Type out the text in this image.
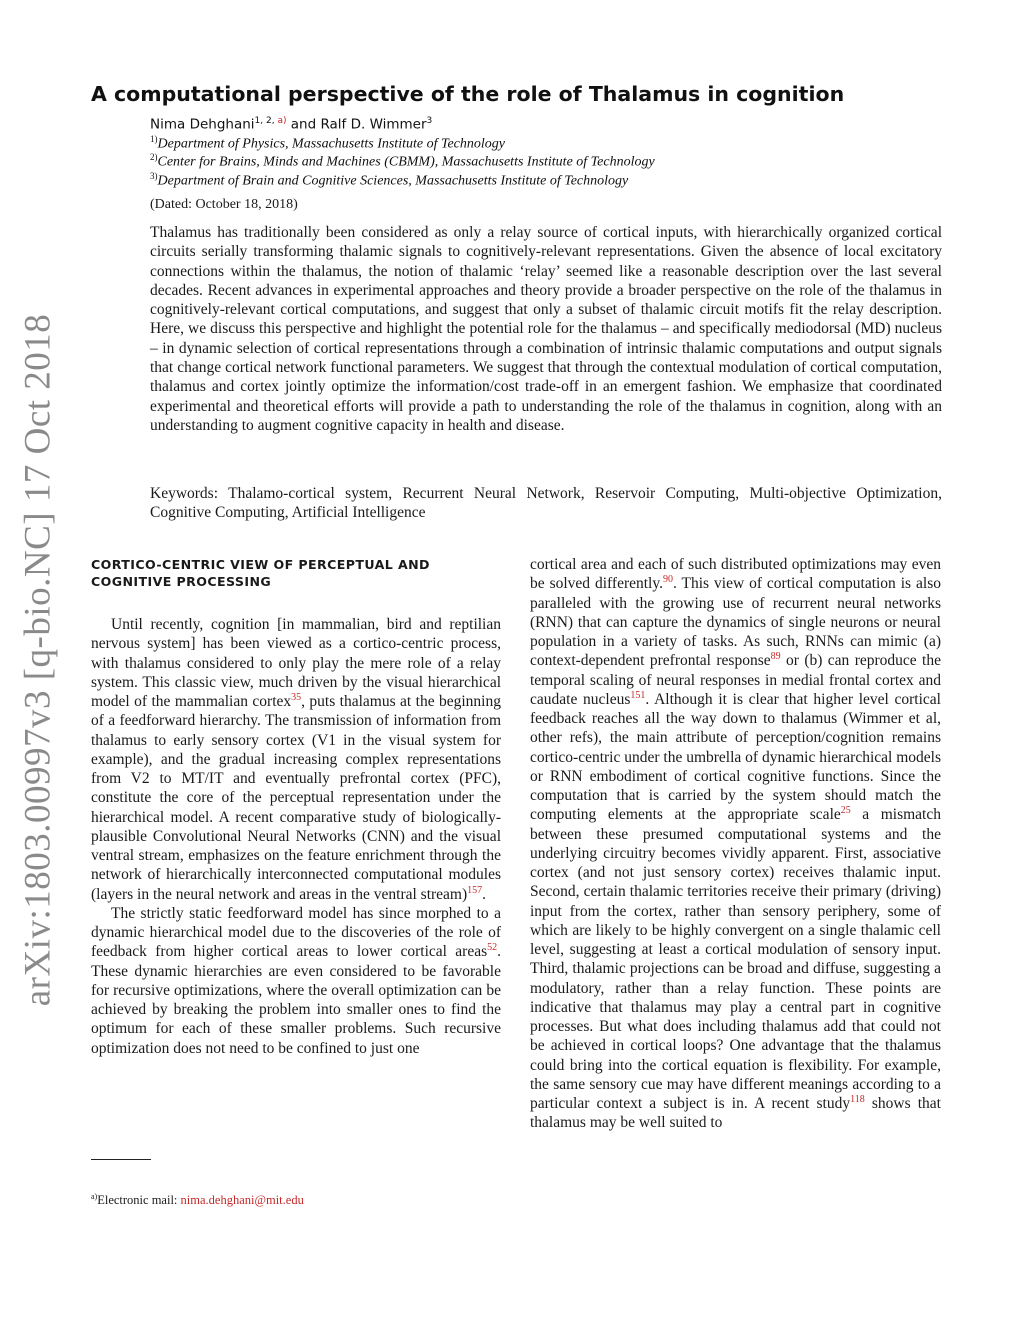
arXiv:1803.00997v3 [q-bio.NC] 17 Oct 2018
A computational perspective of the role of Thalamus in cognition
Nima Dehghani$^{1, 2, a)}$ and Ralf D. Wimmer$^3$
$^{1)}$Department of Physics, Massachusetts Institute of Technology
$^{2)}$Center for Brains, Minds and Machines (CBMM), Massachusetts Institute of Technology
$^{3)}$Department of Brain and Cognitive Sciences, Massachusetts Institute of Technology
(Dated: October 18, 2018)
Thalamus has traditionally been considered as only a relay source of cortical inputs, with hierarchically organized cortical circuits serially transforming thalamic signals to cognitively-relevant representations. Given the absence of local excitatory connections within the thalamus, the notion of thalamic ‘relay’ seemed like a reasonable description over the last several decades. Recent advances in experimental approaches and theory provide a broader perspective on the role of the thalamus in cognitively-relevant cortical computations, and suggest that only a subset of thalamic circuit motifs fit the relay description. Here, we discuss this perspective and highlight the potential role for the thalamus – and specifically mediodorsal (MD) nucleus – in dynamic selection of cortical representations through a combination of intrinsic thalamic computations and output signals that change cortical network functional parameters. We suggest that through the contextual modulation of cortical computation, thalamus and cortex jointly optimize the information/cost trade-off in an emergent fashion. We emphasize that coordinated experimental and theoretical efforts will provide a path to understanding the role of the thalamus in cognition, along with an understanding to augment cognitive capacity in health and disease.
Keywords: Thalamo-cortical system, Recurrent Neural Network, Reservoir Computing, Multi-objective Optimization, Cognitive Computing, Artificial Intelligence
CORTICO-CENTRIC VIEW OF PERCEPTUAL AND
COGNITIVE PROCESSING

Until recently, cognition [in mammalian, bird and reptilian nervous system] has been viewed as a cortico-centric process, with thalamus considered to only play the mere role of a relay system. This classic view, much driven by the visual hierarchical model of the mammalian cortex$^{35}$, puts thalamus at the beginning of a feedforward hierarchy. The transmission of information from thalamus to early sensory cortex (V1 in the visual system for example), and the gradual increasing complex representations from V2 to MT/IT and eventually prefrontal cortex (PFC), constitute the core of the perceptual representation under the hierarchical model. A recent comparative study of biologically-plausible Convolutional Neural Networks (CNN) and the visual ventral stream, emphasizes on the feature enrichment through the network of hierarchically interconnected computational modules (layers in the neural network and areas in the ventral stream)$^{157}$.

The strictly static feedforward model has since morphed to a dynamic hierarchical model due to the discoveries of the role of feedback from higher cortical areas to lower cortical areas$^{52}$. These dynamic hierarchies are even considered to be favorable for recursive optimizations, where the overall optimization can be achieved by breaking the problem into smaller ones to find the optimum for each of these smaller problems. Such recursive optimization does not need to be confined to just one

cortical area and each of such distributed optimizations may even be solved differently.$^{90}$. This view of cortical computation is also paralleled with the growing use of recurrent neural networks (RNN) that can capture the dynamics of single neurons or neural population in a variety of tasks. As such, RNNs can mimic (a) context-dependent prefrontal response$^{89}$ or (b) can reproduce the temporal scaling of neural responses in medial frontal cortex and caudate nucleus$^{151}$. Although it is clear that higher level cortical feedback reaches all the way down to thalamus (Wimmer et al, other refs), the main attribute of perception/cognition remains cortico-centric under the umbrella of dynamic hierarchical models or RNN embodiment of cortical cognitive functions. Since the computation that is carried by the system should match the computing elements at the appropriate scale$^{25}$ a mismatch between these presumed computational systems and the underlying circuitry becomes vividly apparent. First, associative cortex (and not just sensory cortex) receives thalamic input. Second, certain thalamic territories receive their primary (driving) input from the cortex, rather than sensory periphery, some of which are likely to be highly convergent on a single thalamic cell level, suggesting at least a cortical modulation of sensory input. Third, thalamic projections can be broad and diffuse, suggesting a modulatory, rather than a relay function. These points are indicative that thalamus may play a central part in cognitive processes. But what does including thalamus add that could not be achieved in cortical loops? One advantage that the thalamus could bring into the cortical equation is flexibility. For example, the same sensory cue may have different meanings according to a particular context a subject is in. A recent study$^{118}$ shows that thalamus may be well suited to

$^{a)}$Electronic mail: nima.dehghani@mit.edu
